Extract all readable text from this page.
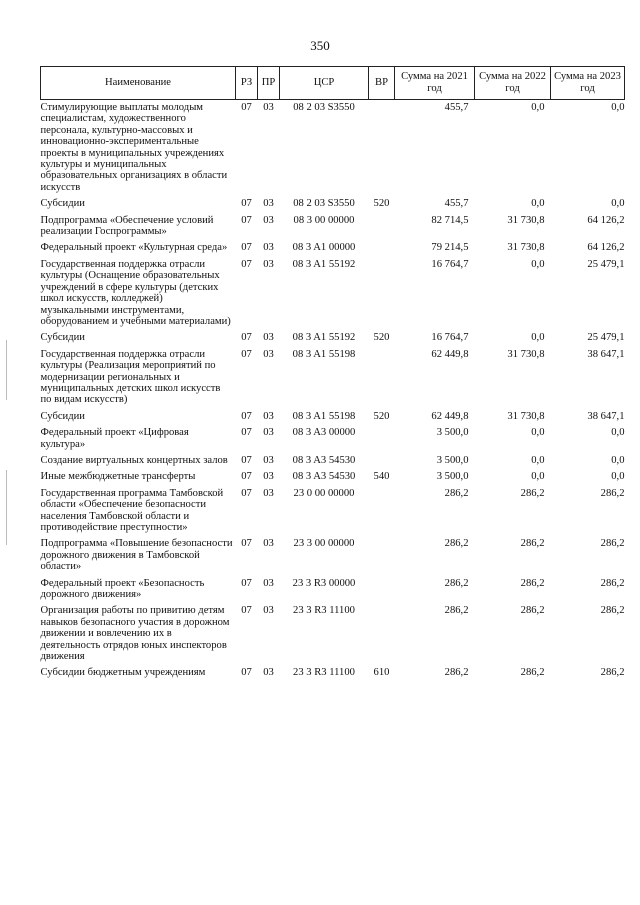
350
Наименование	РЗ	ПР	ЦСР	ВР	Сумма на 2021 год	Сумма на 2022 год	Сумма на 2023 год
Стимулирующие выплаты молодым специалистам, художественного персонала, культурно-массовых и инновационно-экспериментальные проекты в муниципальных учреждениях культуры и муниципальных образовательных организациях в области искусств	07	03	08 2 03 S3550		455,7	0,0	0,0
Субсидии	07	03	08 2 03 S3550	520	455,7	0,0	0,0
Подпрограмма «Обеспечение условий реализации Госпрограммы»	07	03	08 3 00 00000		82 714,5	31 730,8	64 126,2
Федеральный проект «Культурная среда»	07	03	08 3 A1 00000		79 214,5	31 730,8	64 126,2
Государственная поддержка отрасли культуры (Оснащение образовательных учреждений в сфере культуры (детских школ искусств, колледжей) музыкальными инструментами, оборудованием и учебными материалами)	07	03	08 3 A1 55192		16 764,7	0,0	25 479,1
Субсидии	07	03	08 3 A1 55192	520	16 764,7	0,0	25 479,1
Государственная поддержка отрасли культуры (Реализация мероприятий по модернизации региональных и муниципальных детских школ искусств по видам искусств)	07	03	08 3 A1 55198		62 449,8	31 730,8	38 647,1
Субсидии	07	03	08 3 A1 55198	520	62 449,8	31 730,8	38 647,1
Федеральный проект «Цифровая культура»	07	03	08 3 A3 00000		3 500,0	0,0	0,0
Создание виртуальных концертных залов	07	03	08 3 A3 54530		3 500,0	0,0	0,0
Иные межбюджетные трансферты	07	03	08 3 A3 54530	540	3 500,0	0,0	0,0
Государственная программа Тамбовской области «Обеспечение безопасности населения Тамбовской области и противодействие преступности»	07	03	23 0 00 00000		286,2	286,2	286,2
Подпрограмма «Повышение безопасности дорожного движения в Тамбовской области»	07	03	23 3 00 00000		286,2	286,2	286,2
Федеральный проект «Безопасность дорожного движения»	07	03	23 3 R3 00000		286,2	286,2	286,2
Организация работы по привитию детям навыков безопасного участия в дорожном движении и вовлечению их в деятельность отрядов юных инспекторов движения	07	03	23 3 R3 11100		286,2	286,2	286,2
Субсидии бюджетным учреждениям	07	03	23 3 R3 11100	610	286,2	286,2	286,2
